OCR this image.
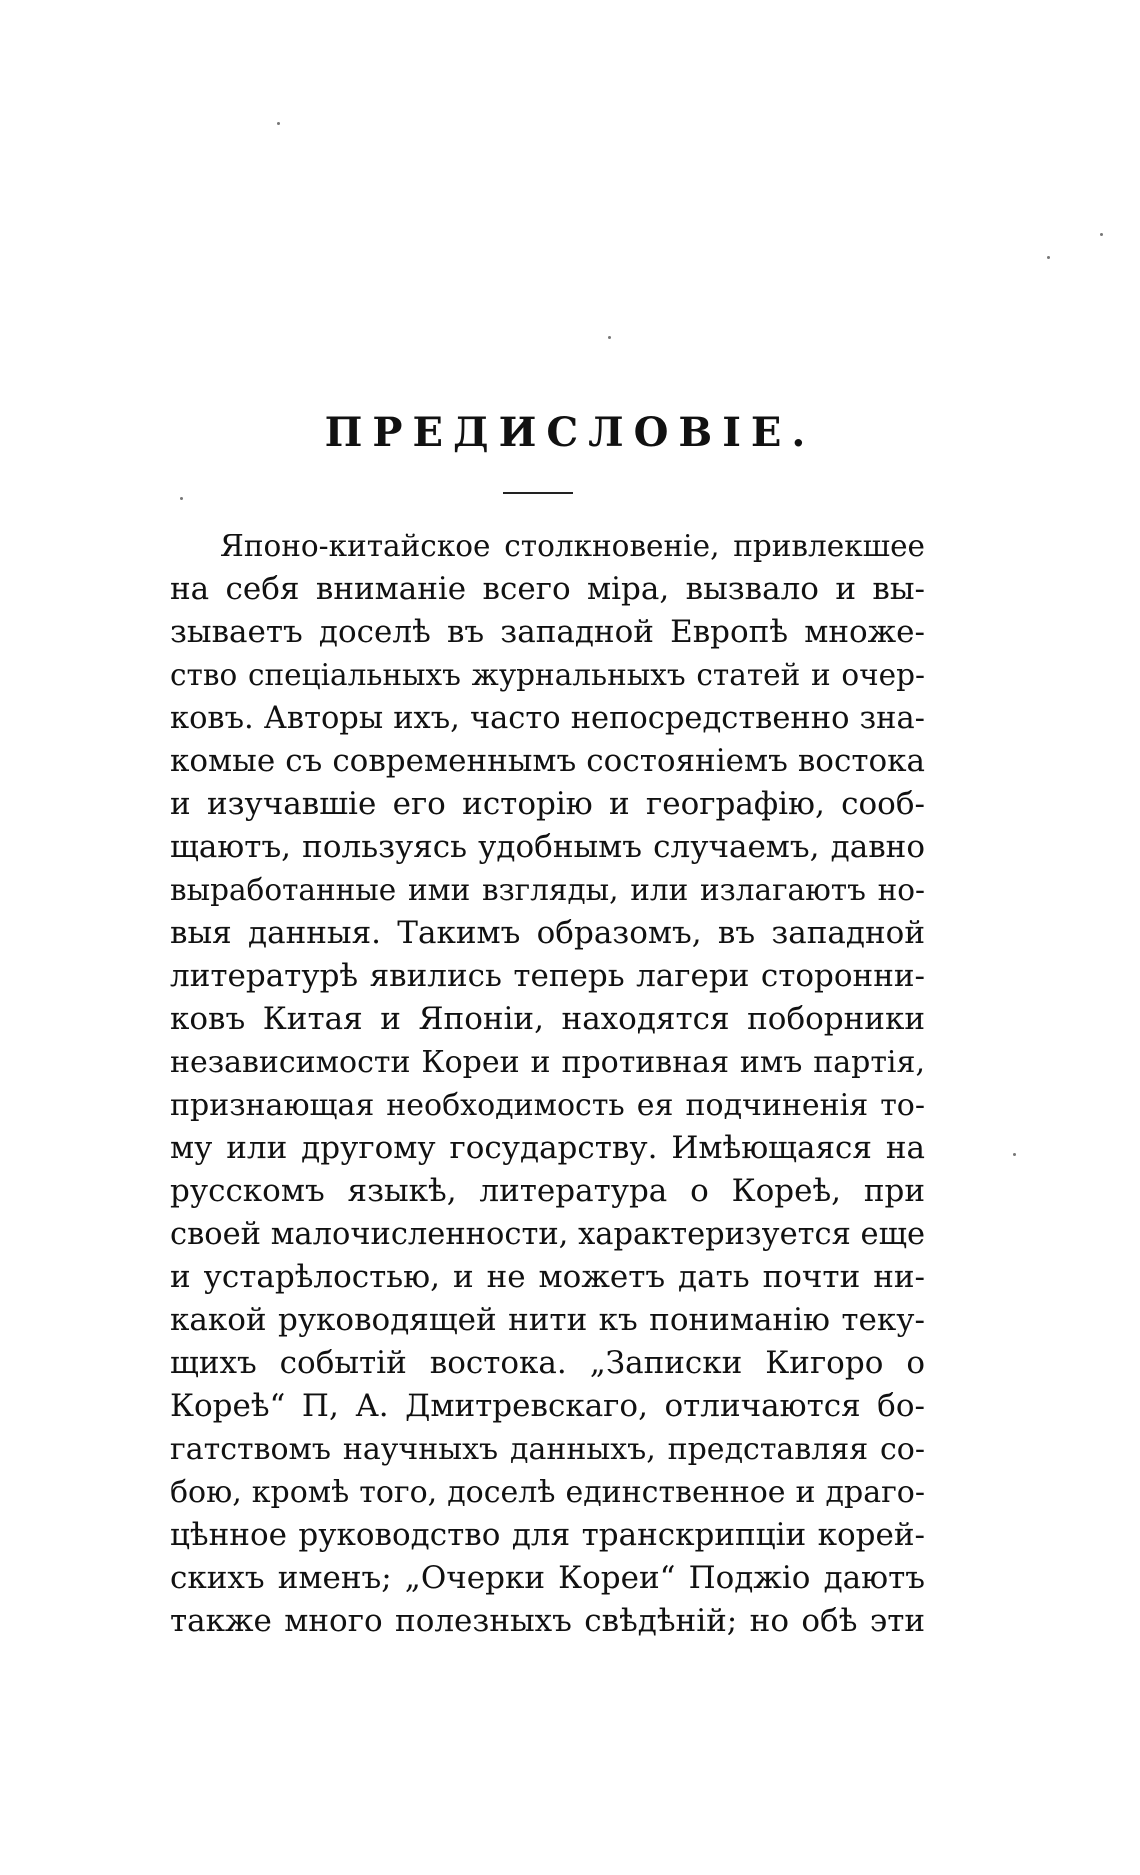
ПРЕДИСЛОВІЕ.
Японо-китайское столкновеніе, привлекшее
на себя вниманіе всего міра, вызвало и вы-
зываетъ доселѣ въ западной Европѣ множе-
ство спеціальныхъ журнальныхъ статей и очер-
ковъ. Авторы ихъ, часто непосредственно зна-
комые съ современнымъ состояніемъ востока
и изучавшіе его исторію и географію, сооб-
щаютъ, пользуясь удобнымъ случаемъ, давно
выработанные ими взгляды, или излагаютъ но-
выя данныя. Такимъ образомъ, въ западной
литературѣ явились теперь лагери сторонни-
ковъ Китая и Японіи, находятся поборники
независимости Кореи и противная имъ партія,
признающая необходимость ея подчиненія то-
му или другому государству. Имѣющаяся на
русскомъ языкѣ, литература о Кореѣ, при
своей малочисленности, характеризуется еще
и устарѣлостью, и не можетъ дать почти ни-
какой руководящей нити къ пониманію теку-
щихъ событій востока. „Записки Кигоро о
Кореѣ“ П, А. Дмитревскаго, отличаются бо-
гатствомъ научныхъ данныхъ, представляя со-
бою, кромѣ того, доселѣ единственное и драго-
цѣнное руководство для транскрипціи корей-
скихъ именъ; „Очерки Кореи“ Поджіо даютъ
также много полезныхъ свѣдѣній; но обѣ эти
